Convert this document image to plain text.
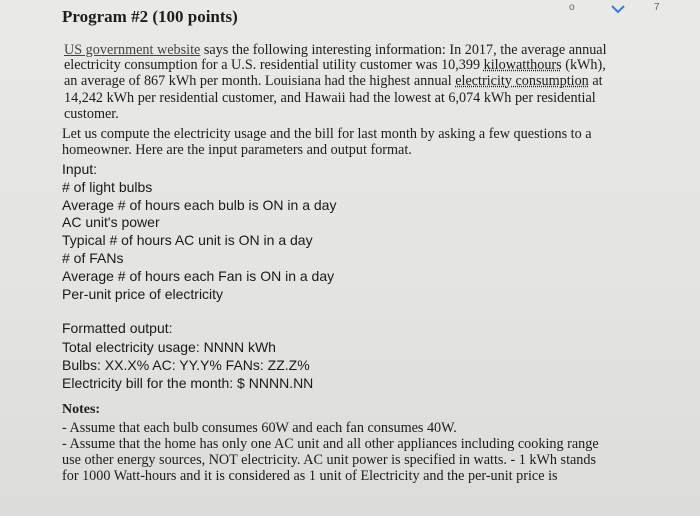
o	7
Program #2 (100 points)
US government website says the following interesting information: In 2017, the average annual
electricity consumption for a U.S. residential utility customer was 10,399 kilowatthours (kWh),
an average of 867 kWh per month. Louisiana had the highest annual electricity consumption at
14,242 kWh per residential customer, and Hawaii had the lowest at 6,074 kWh per residential
customer.
Let us compute the electricity usage and the bill for last month by asking a few questions to a
homeowner. Here are the input parameters and output format.
Input:
# of light bulbs
Average # of hours each bulb is ON in a day
AC unit's power
Typical # of hours AC unit is ON in a day
# of FANs
Average # of hours each Fan is ON in a day
Per-unit price of electricity
Formatted output:
Total electricity usage: NNNN kWh
Bulbs: XX.X% AC: YY.Y% FANs: ZZ.Z%
Electricity bill for the month: $ NNNN.NN
Notes:
- Assume that each bulb consumes 60W and each fan consumes 40W.
- Assume that the home has only one AC unit and all other appliances including cooking range
use other energy sources, NOT electricity. AC unit power is specified in watts. - 1 kWh stands
for 1000 Watt-hours and it is considered as 1 unit of Electricity and the per-unit price is
